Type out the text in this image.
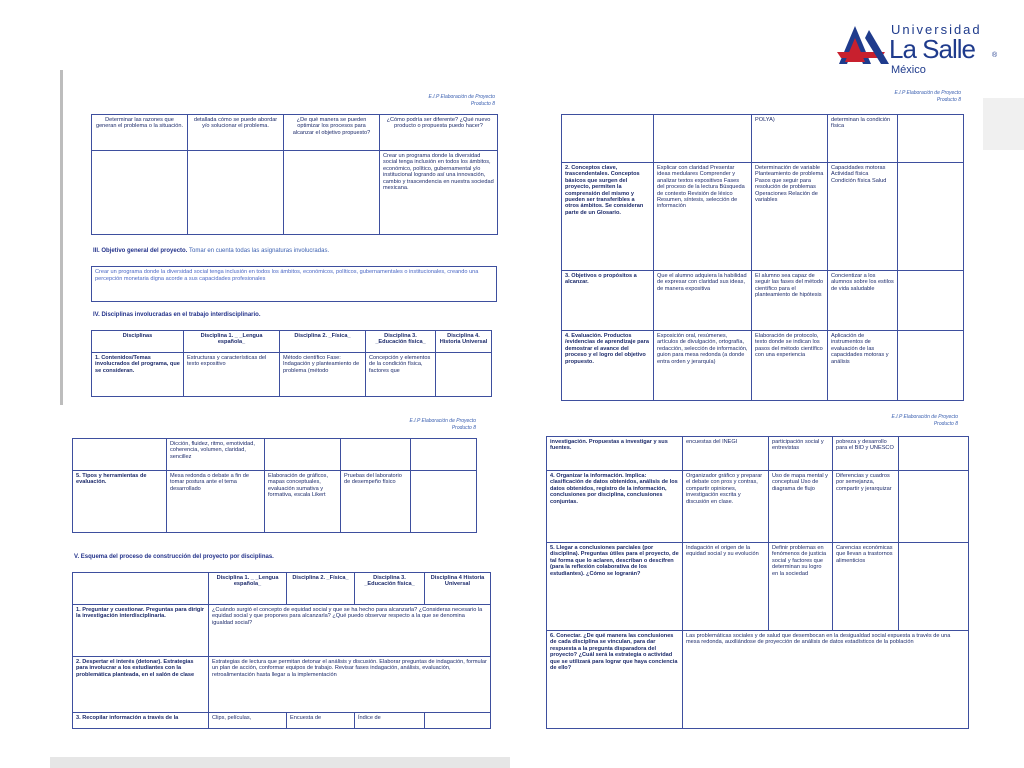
Universidad
La Salle ®
México
E.I.P Elaboración de Proyecto
Producto 8
Determinar las razones que generan el problema o la situación.	detallada cómo se puede abordar y/o solucionar el problema.	¿De qué manera se pueden optimizar los procesos para alcanzar el objetivo propuesto?	¿Cómo podría ser diferente? ¿Qué nuevo producto o propuesta puedo hacer?
			Crear un programa donde la diversidad social tenga inclusión en todos los ámbitos, económico, político, gubernamental y/o institucional logrando así una innovación, cambio y trascendencia en nuestra sociedad mexicana.
III. Objetivo general del proyecto. Tomar en cuenta todas las asignaturas involucradas.
Crear un programa donde la diversidad social tenga inclusión en todos los ámbitos, económicos, políticos, gubernamentales o institucionales, creando una percepción monetaria digna acorde a sus capacidades profesionales
IV. Disciplinas involucradas en el trabajo interdisciplinario.
Disciplinas	Disciplina 1. _ _Lengua española_	Disciplina 2. _Física_	Disciplina 3. _Educación física_	Disciplina 4. Historia Universal
1. Contenidos/Temas involucrados del programa, que se consideran.	Estructuras y características del texto expositivo	Método científico Fase: Indagación y planteamiento de problema (método	Concepción y elementos de la condición física, factores que	
E.I.P Elaboración de Proyecto
Producto 8
		POLYA)	determinan la condición física	
2. Conceptos clave, trascendentales. Conceptos básicos que surgen del proyecto, permiten la comprensión del mismo y pueden ser transferibles a otros ámbitos. Se consideran parte de un Glosario.	Explicar con claridad Presentar ideas medulares Comprender y analizar textos expositivos Fases del proceso de la lectura Búsqueda de contexto Revisión de léxico Resumen, síntesis, selección de información	Determinación de variable Planteamiento de problema Pasos que seguir para resolución de problemas Operaciones Relación de variables	Capacidades motoras Actividad física Condición física Salud	
3. Objetivos o propósitos a alcanzar.	Que el alumno adquiera la habilidad de expresar con claridad sus ideas, de manera expositiva	El alumno sea capaz de seguir las fases del método científico para el planteamiento de hipótesis	Concientizar a los alumnos sobre los estilos de vida saludable	
4. Evaluación. Productos /evidencias de aprendizaje para demostrar el avance del proceso y el logro del objetivo propuesto.	Exposición oral, resúmenes, artículos de divulgación, ortografía, redacción, selección de información, guion para mesa redonda (a donde entra orden y jerarquía)	Elaboración de protocolo, texto donde se indican los pasos del método científico con una experiencia	Aplicación de instrumentos de evaluación de las capacidades motoras y análisis	
E.I.P Elaboración de Proyecto
Producto 8
	Dicción, fluidez, ritmo, emotividad, coherencia, volumen, claridad, sencillez			
5. Tipos y herramientas de evaluación.	Mesa redonda o debate a fin de tomar postura ante el tema desarrollado	Elaboración de gráficos, mapas conceptuales, evaluación sumativa y formativa, escala Likert	Pruebas del laboratorio de desempeño físico	
V. Esquema del proceso de construcción del proyecto por disciplinas.
	Disciplina 1. _ _Lengua española_	Disciplina 2. _Física_	Disciplina 3. _Educación física_	Disciplina 4 Historia Universal
1. Preguntar y cuestionar. Preguntas para dirigir la investigación interdisciplinaria.	¿Cuándo surgió el concepto de equidad social y que se ha hecho para alcanzarla? ¿Consideras necesario la equidad social y que propones para alcanzarla? ¿Qué puedo observar respecto a la que se denomina igualdad social?			
2. Despertar el interés (detonar). Estrategias para involucrar a los estudiantes con la problemática planteada, en el salón de clase	Estrategias de lectura que permitan detonar el análisis y discusión. Elaborar preguntas de indagación, formular un plan de acción, conformar equipos de trabajo. Revisar fases indagación, análisis, evaluación, retroalimentación hasta llegar a la implementación			
3. Recopilar información a través de la	Clips, películas,	Encuesta de	Índice de	
E.I.P Elaboración de Proyecto
Producto 8
investigación. Propuestas a investigar y sus fuentes.	encuestas del INEGI	participación social y entrevistas	pobreza y desarrollo para el BID y UNESCO	
4. Organizar la información. Implica: clasificación de datos obtenidos, análisis de los datos obtenidos, registro de la información, conclusiones por disciplina, conclusiones conjuntas.	Organizador gráfico y preparar el debate con pros y contras, compartir opiniones, investigación escrita y discusión en clase.	Uso de mapa mental y conceptual Uso de diagrama de flujo	Diferencias y cuadros por semejanza, compartir y jerarquizar	
5. Llegar a conclusiones parciales (por disciplina). Preguntas útiles para el proyecto, de tal forma que lo aclaren, describan o descifren (para la reflexión colaborativa de los estudiantes). ¿Cómo se lograrán?	Indagación el origen de la equidad social y su evolución	Definir problemas en fenómenos de justicia social y factores que determinan su logro en la sociedad	Carencias económicas que llevan a trastornos alimenticios	
6. Conectar. ¿De qué manera las conclusiones de cada disciplina se vinculan, para dar respuesta a la pregunta disparadora del proyecto? ¿Cuál será la estrategia o actividad que se utilizará para lograr que haya conciencia de ello?	Las problemáticas sociales y de salud que desembocan en la desigualdad social expuesta a través de una mesa redonda, auxiliándose de proyección de análisis de datos estadísticos de la población			
